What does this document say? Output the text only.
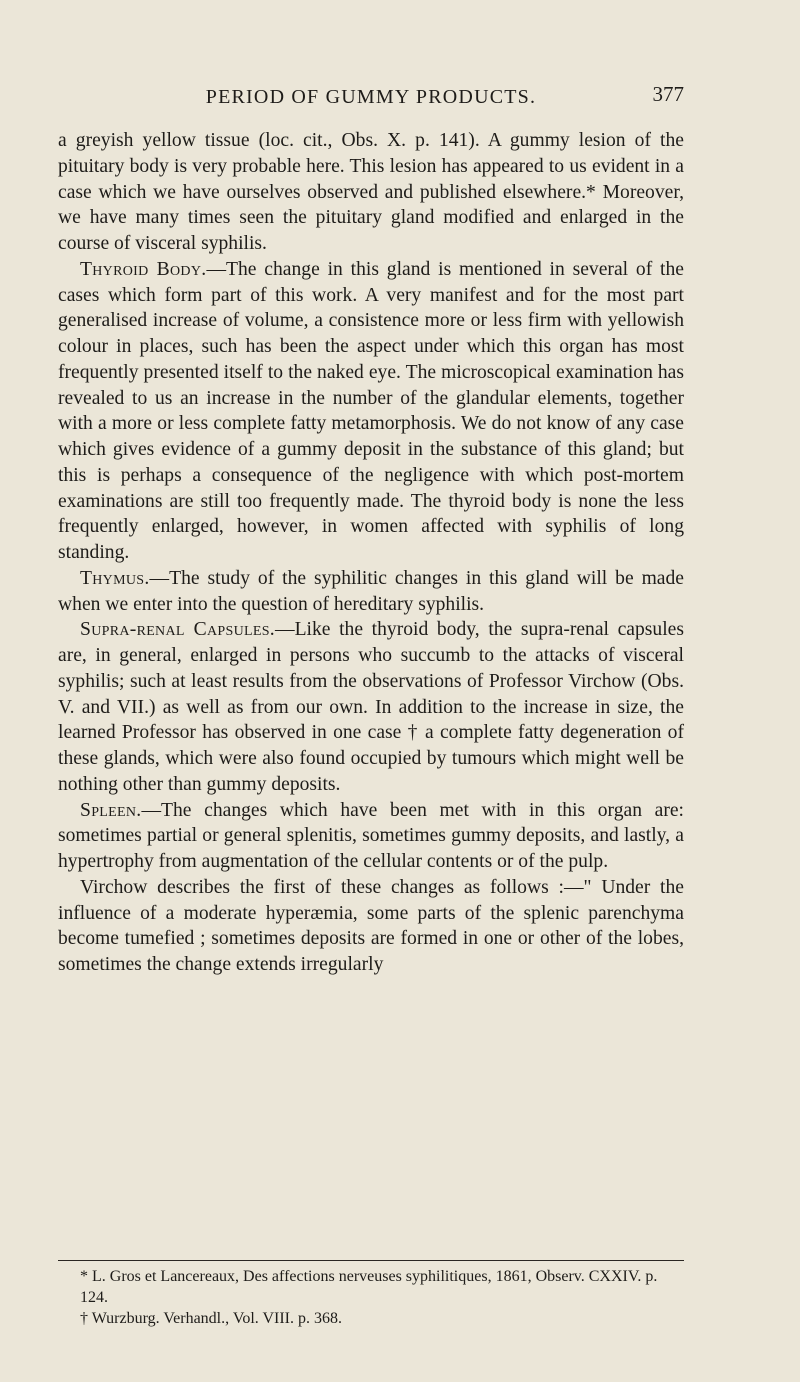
PERIOD OF GUMMY PRODUCTS.	377

a greyish yellow tissue (loc. cit., Obs. X. p. 141). A gummy lesion of the pituitary body is very probable here. This lesion has appeared to us evident in a case which we have ourselves observed and published elsewhere.* Moreover, we have many times seen the pituitary gland modified and enlarged in the course of visceral syphilis.

Thyroid Body.—The change in this gland is mentioned in several of the cases which form part of this work. A very manifest and for the most part generalised increase of volume, a consistence more or less firm with yellowish colour in places, such has been the aspect under which this organ has most frequently presented itself to the naked eye. The microscopical examination has revealed to us an increase in the number of the glandular elements, together with a more or less complete fatty metamorphosis. We do not know of any case which gives evidence of a gummy deposit in the substance of this gland; but this is perhaps a consequence of the negligence with which post-mortem examinations are still too frequently made. The thyroid body is none the less frequently enlarged, however, in women affected with syphilis of long standing.

Thymus.—The study of the syphilitic changes in this gland will be made when we enter into the question of hereditary syphilis.

Supra-renal Capsules.—Like the thyroid body, the supra-renal capsules are, in general, enlarged in persons who succumb to the attacks of visceral syphilis; such at least results from the observations of Professor Virchow (Obs. V. and VII.) as well as from our own. In addition to the increase in size, the learned Professor has observed in one case † a complete fatty degeneration of these glands, which were also found occupied by tumours which might well be nothing other than gummy deposits.

Spleen.—The changes which have been met with in this organ are: sometimes partial or general splenitis, sometimes gummy deposits, and lastly, a hypertrophy from augmentation of the cellular contents or of the pulp.

Virchow describes the first of these changes as follows :—" Under the influence of a moderate hyperæmia, some parts of the splenic parenchyma become tumefied ; sometimes deposits are formed in one or other of the lobes, sometimes the change extends irregularly

* L. Gros et Lancereaux, Des affections nerveuses syphilitiques, 1861, Observ. CXXIV. p. 124.

† Wurzburg. Verhandl., Vol. VIII. p. 368.
